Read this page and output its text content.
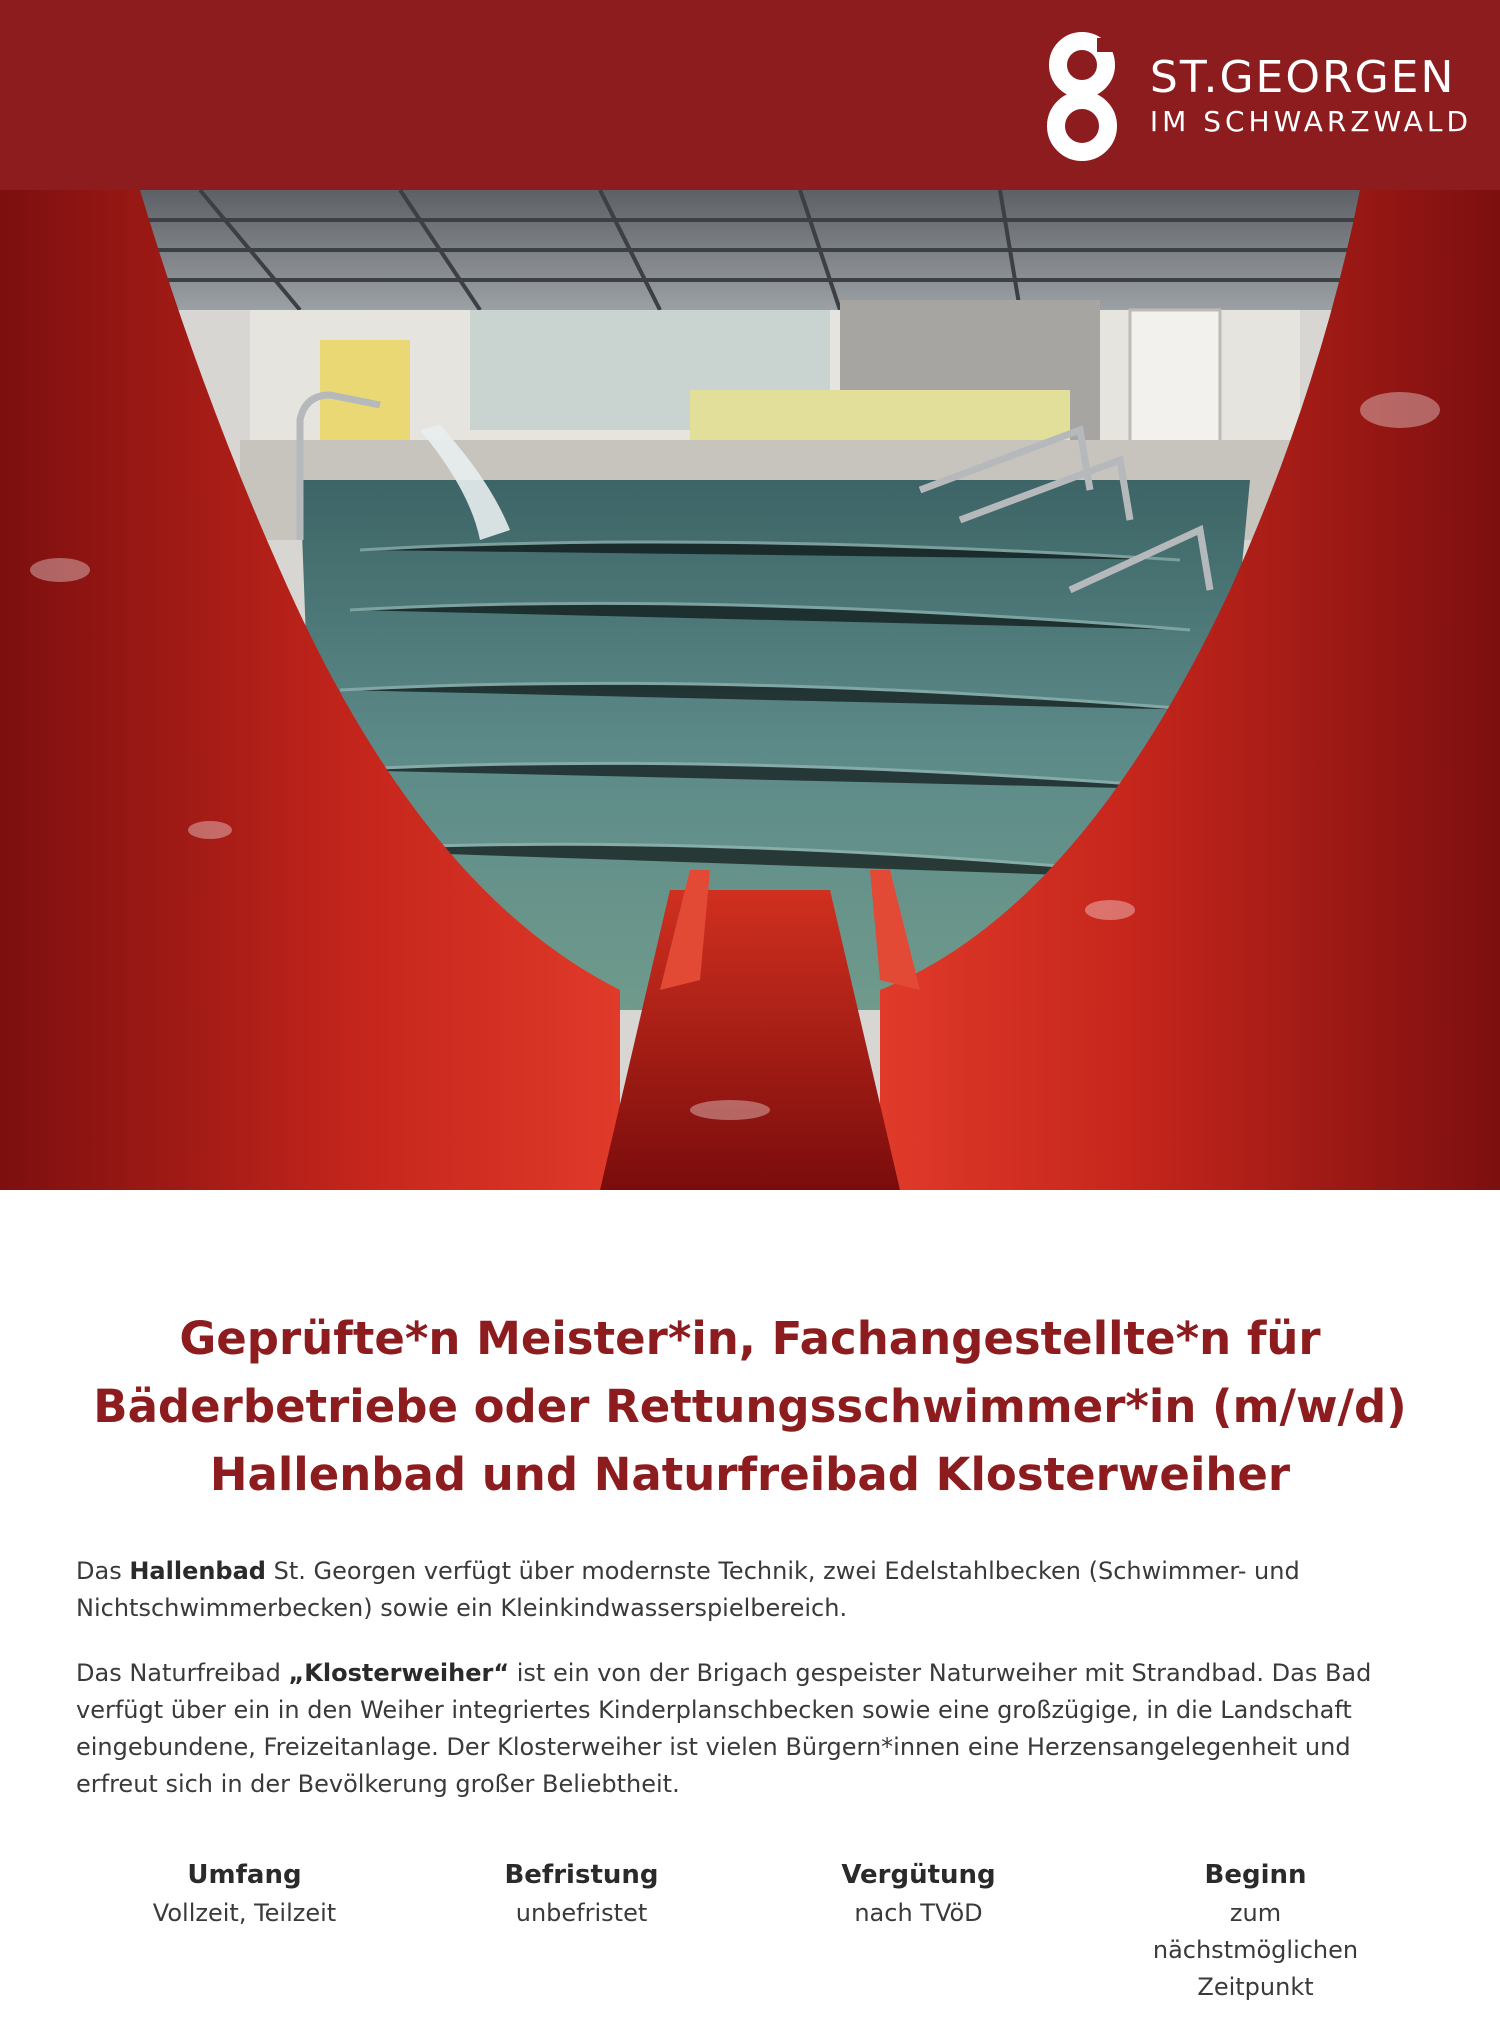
ST.GEORGEN
IM SCHWARZWALD
Geprüfte*n Meister*in, Fachangestellte*n für
Bäderbetriebe oder Rettungsschwimmer*in (m/w/d)
Hallenbad und Naturfreibad Klosterweiher
Das Hallenbad St. Georgen verfügt über modernste Technik, zwei Edelstahlbecken (Schwimmer- und Nichtschwimmerbecken) sowie ein Kleinkindwasserspielbereich.
Das Naturfreibad „Klosterweiher“ ist ein von der Brigach gespeister Naturweiher mit Strandbad. Das Bad verfügt über ein in den Weiher integriertes Kinderplanschbecken sowie eine großzügige, in die Landschaft eingebundene, Freizeitanlage. Der Klosterweiher ist vielen Bürgern*innen eine Herzensangelegenheit und erfreut sich in der Bevölkerung großer Beliebtheit.
Umfang
Vollzeit, Teilzeit
Befristung
unbefristet
Vergütung
nach TVöD
Beginn
zum nächstmöglichen Zeitpunkt
